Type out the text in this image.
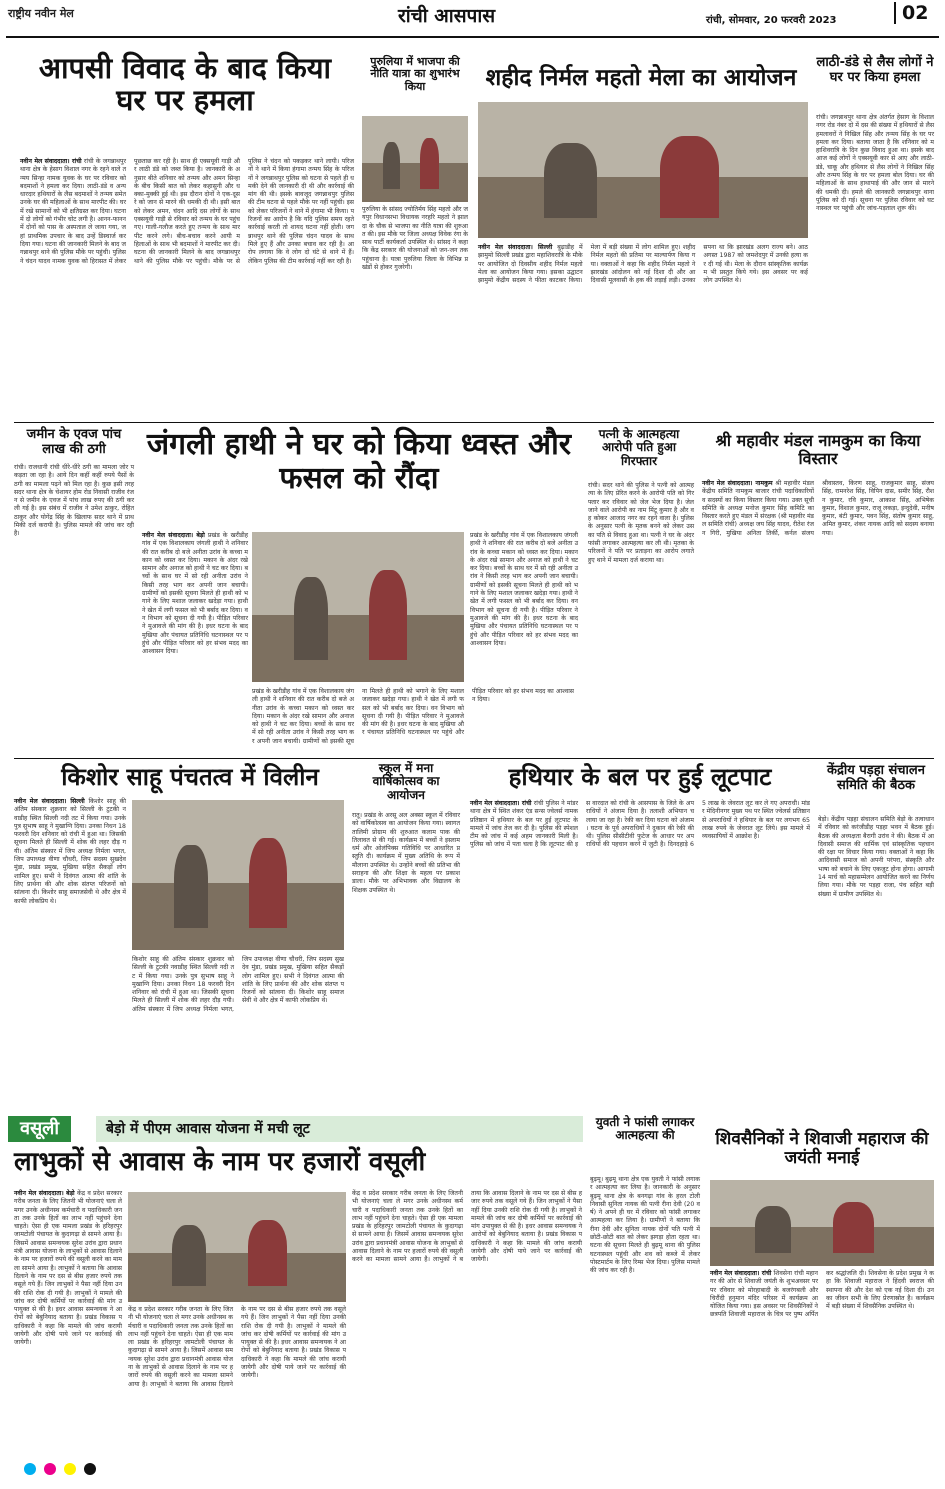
राष्ट्रीय नवीन मेल	रांची आसपास	रांची, सोमवार, 20 फरवरी 2023	02
आपसी विवाद के बाद किया घर पर हमला
नवीन मेल संवाददाता। रांची रांची के जगन्नाथपुर थाना क्षेत्र के हेसाग विशाल नगर के रहने वाले तन्मय सिन्हा नामक युवक के घर पर रविवार को बदमाशों ने हमला कर दिया। लाठी-डंडे व अन्य धारदार हथियारों के लैस बदमाशों ने तन्मय समेत उनके घर की महिलाओं के साथ मारपीट की। घर में रखे सामानों को भी क्षतिग्रस्त कर दिया। घटना में दो लोगों को गंभीर चोट लगी है। आनन-फानन में दोनों को पास के अस्पताल ले जाया गया, जहां प्राथमिक उपचार के बाद उन्हें डिस्चार्ज कर दिया गया। घटना की जानकारी मिलने के बाद जगन्नाथपुर थाने की पुलिस मौके पर पहुंची। पुलिस ने चंदन यादव नामक युवक को हिरासत में लेकर पूछताछ कर रही है। साथ ही एक्सयूवी गाड़ी और लाठी डंडे को जब्त किया है। जानकारी के अनुसार बीते शनिवार को तन्मय और अमन सिन्हा के बीच किसी बात को लेकर कहासुनी और धक्का-मुक्की हुई थी। इस दौरान दोनों ने एक-दूसरे को जान से मारने की धमकी दी थी। इसी बात को लेकर अमन, चंदन आदि दस लोगों के साथ एक्सयूवी गाड़ी से रविवार को तन्मय के घर पहुंच गए। गाली-गलौज करते हुए तन्मय के साथ मारपीट करने लगे। बीच-बचाव करने आयी महिलाओं के साथ भी बदमाशों ने मारपीट कर दी। घटना की जानकारी मिलने के बाद जगन्नाथपुर थाने की पुलिस मौके पर पहुंची। मौके पर से पुलिस ने चंदन को पकड़कर थाने लायी। परिजनों ने थाने में किया हंगामा तन्मय सिंह के परिजनों ने जगन्नाथपुर पुलिस को घटना से पहले ही धमकी देने की जानकारी दी थी और कार्रवाई की मांग की थी। इसके बावजूद जगन्नाथपुर पुलिस की टीम घटना से पहले मौके पर नहीं पहुंची। इसको लेकर परिजनों ने थाने में हंगामा भी किया। परिजनों का आरोप है कि यदि पुलिस समय रहते कार्रवाई करती तो शायद घटना नहीं होती। जगन्नाथपुर थाने की पुलिस चंदन यादव के साथ मिले हुए हैं और उनका बचाव कर रही है। आरोप लगाया कि वे लोग दो घंटे से थाने में हैं। लेकिन पुलिस की टीम कार्रवाई नहीं कर रही है।
पुरुलिया में भाजपा की नीति यात्रा का शुभारंभ किया
पुरुलिया के सांसद ज्योतिर्मय सिंह महतो और जयपुर विधानसभा विधायक नरहरि महतो ने झालदा के चौक से भाजपा का नीति यात्रा की शुरुआत की। इस मौके पर जिला अध्यक्ष विवेक रंगा के साथ पार्टी कार्यकर्ता उपस्थित थे। सांसद ने कहा कि केंद्र सरकार की योजनाओं को जन-जन तक पहुंचाना है। यात्रा पुरुलिया जिला के विभिन्न प्रखंडों से होकर गुजरेगी।
शहीद निर्मल महतो मेला का आयोजन
नवीन मेल संवाददाता। सिल्ली बुढ़ाडीह में झामुमो सिल्ली प्रखंड द्वारा महाशिवरात्रि के मौके पर आयोजित दो दिवसीय शहीद निर्मल महतो मेला का आयोजन किया गया। इसका उद्घाटन झामुमो केंद्रीय सदस्य ने फीता काटकर किया। मेला में बड़ी संख्या में लोग शामिल हुए। शहीद निर्मल महतो की प्रतिमा पर माल्यार्पण किया गया। वक्ताओं ने कहा कि शहीद निर्मल महतो ने झारखंड आंदोलन को नई दिशा दी और आदिवासी मूलवासी के हक की लड़ाई लड़ी। उनका सपना था कि झारखंड अलग राज्य बने। आठ अगस्त 1987 को जमशेदपुर में उनकी हत्या कर दी गई थी। मेला के दौरान सांस्कृतिक कार्यक्रम भी प्रस्तुत किये गये। इस अवसर पर कई लोग उपस्थित थे।
लाठी-डंडे से लैस लोगों ने घर पर किया हमला
रांची। जगन्नाथपुर थाना क्षेत्र अंतर्गत हेसाग के विशाल नगर रोड नंबर दो में दस की संख्या में हथियारों से लैस हमलावरों ने निखिल सिंह और तन्मय सिंह के घर पर हमला कर दिया। बताया जाता है कि शनिवार को महाशिवरात्रि के दिन कुछ विवाद हुआ था। इसके बाद आज कई लोगों ने एक्सयूवी कार से आए और लाठी-डंडे, चाकू और हथियार से लैस लोगों ने निखिल सिंह और तन्मय सिंह के घर पर हमला बोल दिया। घर की महिलाओं के साथ हाथापाई की और जान से मारने की धमकी दी। हमले की जानकारी जगन्नाथपुर थाना पुलिस को दी गई। सूचना पर पुलिस रविवार को घटनास्थल पर पहुंची और जांच-पड़ताल शुरू की।
जमीन के एवज पांच लाख की ठगी
रांची। राजधानी रांची धीरे-धीरे ठगी का मामला जोर पकड़ता जा रहा है। आये दिन कहीं कहीं रुपये पैसों के ठगी का मामला पढ़ने को मिल रहा है। कुछ इसी तरह सदर थाना क्षेत्र के चेशायर होम रोड निवासी राजीव रंजन से जमीन के एवज में पांच लाख रुपए की ठगी कर ली गई है। इस संबंध में राजीव ने उमेश ठाकुर, रोहित ठाकुर और योगेंद्र सिंह के खिलाफ सदर थाने में प्राथमिकी दर्ज करायी है। पुलिस मामले की जांच कर रही है।
जंगली हाथी ने घर को किया ध्वस्त और फसल को रौंदा
नवीन मेल संवाददाता। बेड़ो प्रखंड के खरीडीह गांव में एक विशालकाय जंगली हाथी ने शनिवार की रात करीब दो बजे अनीता उरांव के कच्चा मकान को ध्वस्त कर दिया। मकान के अंदर रखे सामान और अनाज को हाथी ने चट कर दिया। बच्चों के साथ घर में सो रही अनीता उरांव ने किसी तरह भाग कर अपनी जान बचायी। ग्रामीणों को इसकी सूचना मिलते ही हाथी को भगाने के लिए मशाल जलाकर खदेड़ा गया। हाथी ने खेत में लगी फसल को भी बर्बाद कर दिया। वन विभाग को सूचना दी गयी है। पीड़ित परिवार ने मुआवजे की मांग की है। इधर घटना के बाद मुखिया और पंचायत प्रतिनिधि घटनास्थल पर पहुंचे और पीड़ित परिवार को हर संभव मदद का आश्वासन दिया।
प्रखंड के खरीडीह गांव में एक विशालकाय जंगली हाथी ने शनिवार की रात करीब दो बजे अनीता उरांव के कच्चा मकान को ध्वस्त कर दिया। मकान के अंदर रखे सामान और अनाज को हाथी ने चट कर दिया। बच्चों के साथ घर में सो रही अनीता उरांव ने किसी तरह भाग कर अपनी जान बचायी। ग्रामीणों को इसकी सूचना मिलते ही हाथी को भगाने के लिए मशाल जलाकर खदेड़ा गया। हाथी ने खेत में लगी फसल को भी बर्बाद कर दिया। वन विभाग को सूचना दी गयी है। पीड़ित परिवार ने मुआवजे की मांग की है। इधर घटना के बाद मुखिया और पंचायत प्रतिनिधि घटनास्थल पर पहुंचे और पीड़ित परिवार को हर संभव मदद का आश्वासन दिया।
प्रखंड के खरीडीह गांव में एक विशालकाय जंगली हाथी ने शनिवार की रात करीब दो बजे अनीता उरांव के कच्चा मकान को ध्वस्त कर दिया। मकान के अंदर रखे सामान और अनाज को हाथी ने चट कर दिया। बच्चों के साथ घर में सो रही अनीता उरांव ने किसी तरह भाग कर अपनी जान बचायी। ग्रामीणों को इसकी सूचना मिलते ही हाथी को भगाने के लिए मशाल जलाकर खदेड़ा गया। हाथी ने खेत में लगी फसल को भी बर्बाद कर दिया। वन विभाग को सूचना दी गयी है। पीड़ित परिवार ने मुआवजे की मांग की है। इधर घटना के बाद मुखिया और पंचायत प्रतिनिधि घटनास्थल पर पहुंचे और पीड़ित परिवार को हर संभव मदद का आश्वासन दिया।
पत्नी के आत्महत्या आरोपी पति हुआ गिरफ्तार
रांची। सदर थाने की पुलिस ने पत्नी को आत्महत्या के लिए प्रेरित करने के आरोपी पति को गिरफ्तार कर रविवार को जेल भेज दिया है। जेल जाने वाले आरोपी का नाम मिंटू कुमार है और वह कोकर आजाद नगर का रहने वाला है। पुलिस के अनुसार पत्नी के मृतक बनने को लेकर उसका पति से विवाद हुआ था। पत्नी ने घर के अंदर फांसी लगाकर आत्महत्या कर ली थी। मृतका के परिजनों ने पति पर प्रताड़ना का आरोप लगाते हुए थाने में मामला दर्ज कराया था।
श्री महावीर मंडल नामकुम का किया विस्तार
नवीन मेल संवाददाता। नामकुम श्री महावीर मंडल केंद्रीय समिति नामकुम बाजार रांची पदाधिकारियों व सदस्यों का किया विस्तार किया गया। उक्त सूची समिति के अध्यक्ष मनोज कुमार सिंह कमिटि का विस्तार करते हुए मंडल में संरक्षक (श्री महावीर मंडल समिति रांची) अध्यक्ष जय सिंह यादव, रीतेश रंजन गिरी, मुखिया अनिता तिर्की, कर्नल संजय श्रीवास्तव, किरण साहू, राजकुमार साहू, संजय सिंह, रामनरेश सिंह, विपिन दास, समीर सिंह, रौशन कुमार, रवि कुमार, आकाश सिंह, अभिषेक कुमार, विशाल कुमार, राजू लकड़ा, इन्दुदेवी, मनीष कुमार, बंटी कुमार, पवन सिंह, संतोष कुमार साहू, अमित कुमार, शंकर नायक आदि को सदस्य बनाया गया।
किशोर साहू पंचतत्व में विलीन
नवीन मेल संवाददाता। सिल्ली किशोर साहू की अंतिम संस्कार शुक्रवार को सिल्ली के टुटकी नवाडीह स्थित सिल्ली नदी तट में किया गया। उनके पुत्र सुभाष साहू ने मुखाग्नि दिया। उनका निधन 18 फरवरी दिन शनिवार को रांची में हुआ था। जिसकी सूचना मिलते ही सिल्ली में शोक की लहर दौड़ गयी। अंतिम संस्कार में जिप अध्यक्ष निर्मला भगत, जिप उपाध्यक्ष वीणा चौधरी, जिप सदस्य सुखदेव मुंडा, प्रखंड प्रमुख, मुखिया सहित सैकड़ों लोग शामिल हुए। सभी ने दिवंगत आत्मा की शांति के लिए प्रार्थना की और शोक संतप्त परिजनों को सांत्वना दी। किशोर साहू समाजसेवी थे और क्षेत्र में काफी लोकप्रिय थे।
किशोर साहू की अंतिम संस्कार शुक्रवार को सिल्ली के टुटकी नवाडीह स्थित सिल्ली नदी तट में किया गया। उनके पुत्र सुभाष साहू ने मुखाग्नि दिया। उनका निधन 18 फरवरी दिन शनिवार को रांची में हुआ था। जिसकी सूचना मिलते ही सिल्ली में शोक की लहर दौड़ गयी। अंतिम संस्कार में जिप अध्यक्ष निर्मला भगत, जिप उपाध्यक्ष वीणा चौधरी, जिप सदस्य सुखदेव मुंडा, प्रखंड प्रमुख, मुखिया सहित सैकड़ों लोग शामिल हुए। सभी ने दिवंगत आत्मा की शांति के लिए प्रार्थना की और शोक संतप्त परिजनों को सांत्वना दी। किशोर साहू समाजसेवी थे और क्षेत्र में काफी लोकप्रिय थे।
स्कूल में मना वार्षिकोत्सव का आयोजन
रातू। प्रखंड के अरसू अल अक्सा स्कूल में रविवार को वार्षिकोत्सव का आयोजन किया गया। स्वागत तालिमी प्रोग्राम की शुरुआत कलाम पाक की तिलावत से की गई। कार्यक्रम में बच्चों ने इस्लाम धर्म और ओलंपिक्स गतिविधि पर आधारित प्रस्तुति दी। कार्यक्रम में मुख्य अतिथि के रूप में मौलाना उपस्थित थे। उन्होंने बच्चों की प्रतिभा की सराहना की और शिक्षा के महत्व पर प्रकाश डाला। मौके पर अभिभावक और विद्यालय के शिक्षक उपस्थित थे।
हथियार के बल पर हुई लूटपाट
नवीन मेल संवाददाता। रांची रांची पुलिस ने मांडर थाना क्षेत्र में स्थित शंकर एंड सन्स ज्वेलर्स नामक प्रतिष्ठान में हथियार के बल पर हुई लूटपाट के मामले में जांच तेज कर दी है। पुलिस की स्पेशल टीम को जांच में कई अहम जानकारी मिली है। पुलिस को जांच में पता चला है कि लूटपाट की इस वारदात को रांची के आसपास के जिले के अपराधियों ने अंजाम दिया है। तलाशी अभियान चलाया जा रहा है। रेकी कर दिया घटना को अंजाम। घटना के पूर्व अपराधियों ने दुकान की रेकी की थी। पुलिस सीसीटीवी फुटेज के आधार पर अपराधियों की पहचान करने में जुटी है। दिनदहाड़े 65 लाख के जेवरात लूट कर ले गए अपराधी। मांडर मेदिनीनगर मुख्य पथ पर स्थित ज्वेलर्स प्रतिष्ठान से अपराधियों ने हथियार के बल पर लगभग 65 लाख रुपये के जेवरात लूट लिये। इस मामले में व्यवसायियों में आक्रोश है।
केंद्रीय पड़हा संचालन समिति की बैठक
बेड़ो। केंद्रीय पड़हा संचालन समिति बेड़ो के तत्वाधान में रविवार को करंजीडीह पड़हा भवन में बैठक हुई। बैठक की अध्यक्षता बैरागी उरांव ने की। बैठक में आदिवासी समाज की धार्मिक एवं सांस्कृतिक पहचान की रक्षा पर विचार किया गया। वक्ताओं ने कहा कि आदिवासी समाज को अपनी परंपरा, संस्कृति और भाषा को बचाने के लिए एकजुट होना होगा। आगामी 14 मार्च को महासम्मेलन आयोजित करने का निर्णय लिया गया। मौके पर पड़हा राजा, पंच सहित बड़ी संख्या में ग्रामीण उपस्थित थे।
बेड़ो में पीएम आवास योजना में मची लूट
वसूली
लाभुकों से आवास के नाम पर हजारों वसूली
नवीन मेल संवाददाता। बेड़ो केंद्र व प्रदेश सरकार गरीब जनता के लिए जितनी भी योजनाएं चला ले मगर उनके अधीनस्थ कर्मचारी व पदाधिकारी जनता तक उनके हितों का लाभ नहीं पहुंचने देना चाहते। ऐसा ही एक मामला प्रखंड के हरिहरपुर जामटोली पंचायत के कुदागढ़ा से सामने आया है। जिसमें आवास समन्वयक सुरेश उरांव द्वारा प्रधानमंत्री आवास योजना के लाभुकों से आवास दिलाने के नाम पर हजारों रुपये की वसूली करने का मामला सामने आया है। लाभुकों ने बताया कि आवास दिलाने के नाम पर दस से बीस हजार रुपये तक वसूले गये हैं। जिन लाभुकों ने पैसा नहीं दिया उनकी राशि रोक दी गयी है। लाभुकों ने मामले की जांच कर दोषी कर्मियों पर कार्रवाई की मांग उपायुक्त से की है। इधर आवास समन्वयक ने आरोपों को बेबुनियाद बताया है। प्रखंड विकास पदाधिकारी ने कहा कि मामले की जांच करायी जायेगी और दोषी पाये जाने पर कार्रवाई की जायेगी।
केंद्र व प्रदेश सरकार गरीब जनता के लिए जितनी भी योजनाएं चला ले मगर उनके अधीनस्थ कर्मचारी व पदाधिकारी जनता तक उनके हितों का लाभ नहीं पहुंचने देना चाहते। ऐसा ही एक मामला प्रखंड के हरिहरपुर जामटोली पंचायत के कुदागढ़ा से सामने आया है। जिसमें आवास समन्वयक सुरेश उरांव द्वारा प्रधानमंत्री आवास योजना के लाभुकों से आवास दिलाने के नाम पर हजारों रुपये की वसूली करने का मामला सामने आया है। लाभुकों ने बताया कि आवास दिलाने के नाम पर दस से बीस हजार रुपये तक वसूले गये हैं। जिन लाभुकों ने पैसा नहीं दिया उनकी राशि रोक दी गयी है। लाभुकों ने मामले की जांच कर दोषी कर्मियों पर कार्रवाई की मांग उपायुक्त से की है। इधर आवास समन्वयक ने आरोपों को बेबुनियाद बताया है। प्रखंड विकास पदाधिकारी ने कहा कि मामले की जांच करायी जायेगी और दोषी पाये जाने पर कार्रवाई की जायेगी।
केंद्र व प्रदेश सरकार गरीब जनता के लिए जितनी भी योजनाएं चला ले मगर उनके अधीनस्थ कर्मचारी व पदाधिकारी जनता तक उनके हितों का लाभ नहीं पहुंचने देना चाहते। ऐसा ही एक मामला प्रखंड के हरिहरपुर जामटोली पंचायत के कुदागढ़ा से सामने आया है। जिसमें आवास समन्वयक सुरेश उरांव द्वारा प्रधानमंत्री आवास योजना के लाभुकों से आवास दिलाने के नाम पर हजारों रुपये की वसूली करने का मामला सामने आया है। लाभुकों ने बताया कि आवास दिलाने के नाम पर दस से बीस हजार रुपये तक वसूले गये हैं। जिन लाभुकों ने पैसा नहीं दिया उनकी राशि रोक दी गयी है। लाभुकों ने मामले की जांच कर दोषी कर्मियों पर कार्रवाई की मांग उपायुक्त से की है। इधर आवास समन्वयक ने आरोपों को बेबुनियाद बताया है। प्रखंड विकास पदाधिकारी ने कहा कि मामले की जांच करायी जायेगी और दोषी पाये जाने पर कार्रवाई की जायेगी।
युवती ने फांसी लगाकर आत्महत्या की
बुढ़मू। बुढ़मू थाना क्षेत्र एक युवती ने फांसी लगाकर आत्महत्या कर लिया है। जानकारी के अनुसार बुढ़मू थाना क्षेत्र के बनगढ़ा गांव के हरल टोली निवासी सुनिता नायक की पत्नी रीना देवी (20 वर्ष) ने अपने ही घर में रविवार को फांसी लगाकर आत्महत्या कर लिया है। ग्रामीणों ने बताया कि रीना देवी और सुनिता नायक दोनों पति पत्नी में छोटी-छोटी बात को लेकर झगड़ा होता रहता था। घटना की सूचना मिलते ही बुढ़मू थाना की पुलिस घटनास्थल पहुंची और शव को कब्जे में लेकर पोस्टमार्टम के लिए रिम्स भेज दिया। पुलिस मामले की जांच कर रही है।
शिवसैनिकों ने शिवाजी महाराज की जयंती मनाई
नवीन मेल संवाददाता। रांची शिवसेना रांची महानगर की ओर से शिवाजी जयंती के शुभअवसर पर पर रविवार को मोरहाबादी के बजरंगबली और चिरौंदी हनुमान मंदिर परिसर में कार्यक्रम आयोजित किया गया। इस अवसर पर शिवसैनिकों ने छत्रपति शिवाजी महाराज के चित्र पर पुष्प अर्पित कर श्रद्धांजलि दी। शिवसेना के प्रदेश प्रमुख ने कहा कि शिवाजी महाराज ने हिंदवी स्वराज की स्थापना की और देश को एक नई दिशा दी। उनका जीवन सभी के लिए प्रेरणास्रोत है। कार्यक्रम में बड़ी संख्या में शिवसैनिक उपस्थित थे।
